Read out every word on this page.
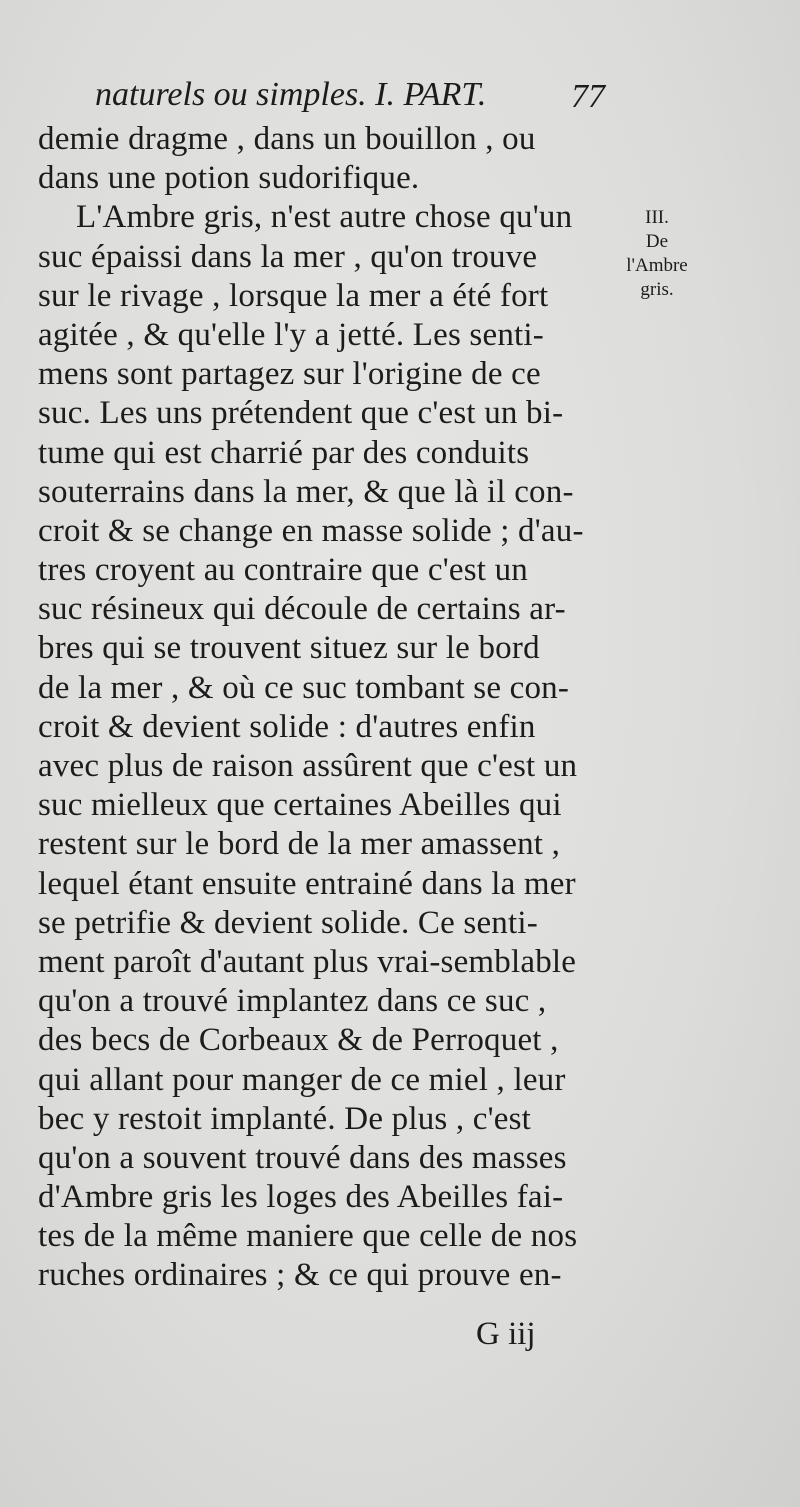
naturels ou simples. I. PART. 77
demie dragme , dans un bouillon , ou
dans une potion sudorifique.
L'Ambre gris, n'est autre chose qu'un
suc épaissi dans la mer , qu'on trouve
sur le rivage , lorsque la mer a été fort
agitée , & qu'elle l'y a jetté. Les senti-
mens sont partagez sur l'origine de ce
suc. Les uns prétendent que c'est un bi-
tume qui est charrié par des conduits
souterrains dans la mer, & que là il con-
croit & se change en masse solide ; d'au-
tres croyent au contraire que c'est un
suc résineux qui découle de certains ar-
bres qui se trouvent situez sur le bord
de la mer , & où ce suc tombant se con-
croit & devient solide : d'autres enfin
avec plus de raison assûrent que c'est un
suc mielleux que certaines Abeilles qui
restent sur le bord de la mer amassent ,
lequel étant ensuite entrainé dans la mer
se petrifie & devient solide. Ce senti-
ment paroît d'autant plus vrai-semblable
qu'on a trouvé implantez dans ce suc ,
des becs de Corbeaux & de Perroquet ,
qui allant pour manger de ce miel , leur
bec y restoit implanté. De plus , c'est
qu'on a souvent trouvé dans des masses
d'Ambre gris les loges des Abeilles fai-
tes de la même maniere que celle de nos
ruches ordinaires ; & ce qui prouve en-
III.
De
l'Ambre
gris.
G iij
